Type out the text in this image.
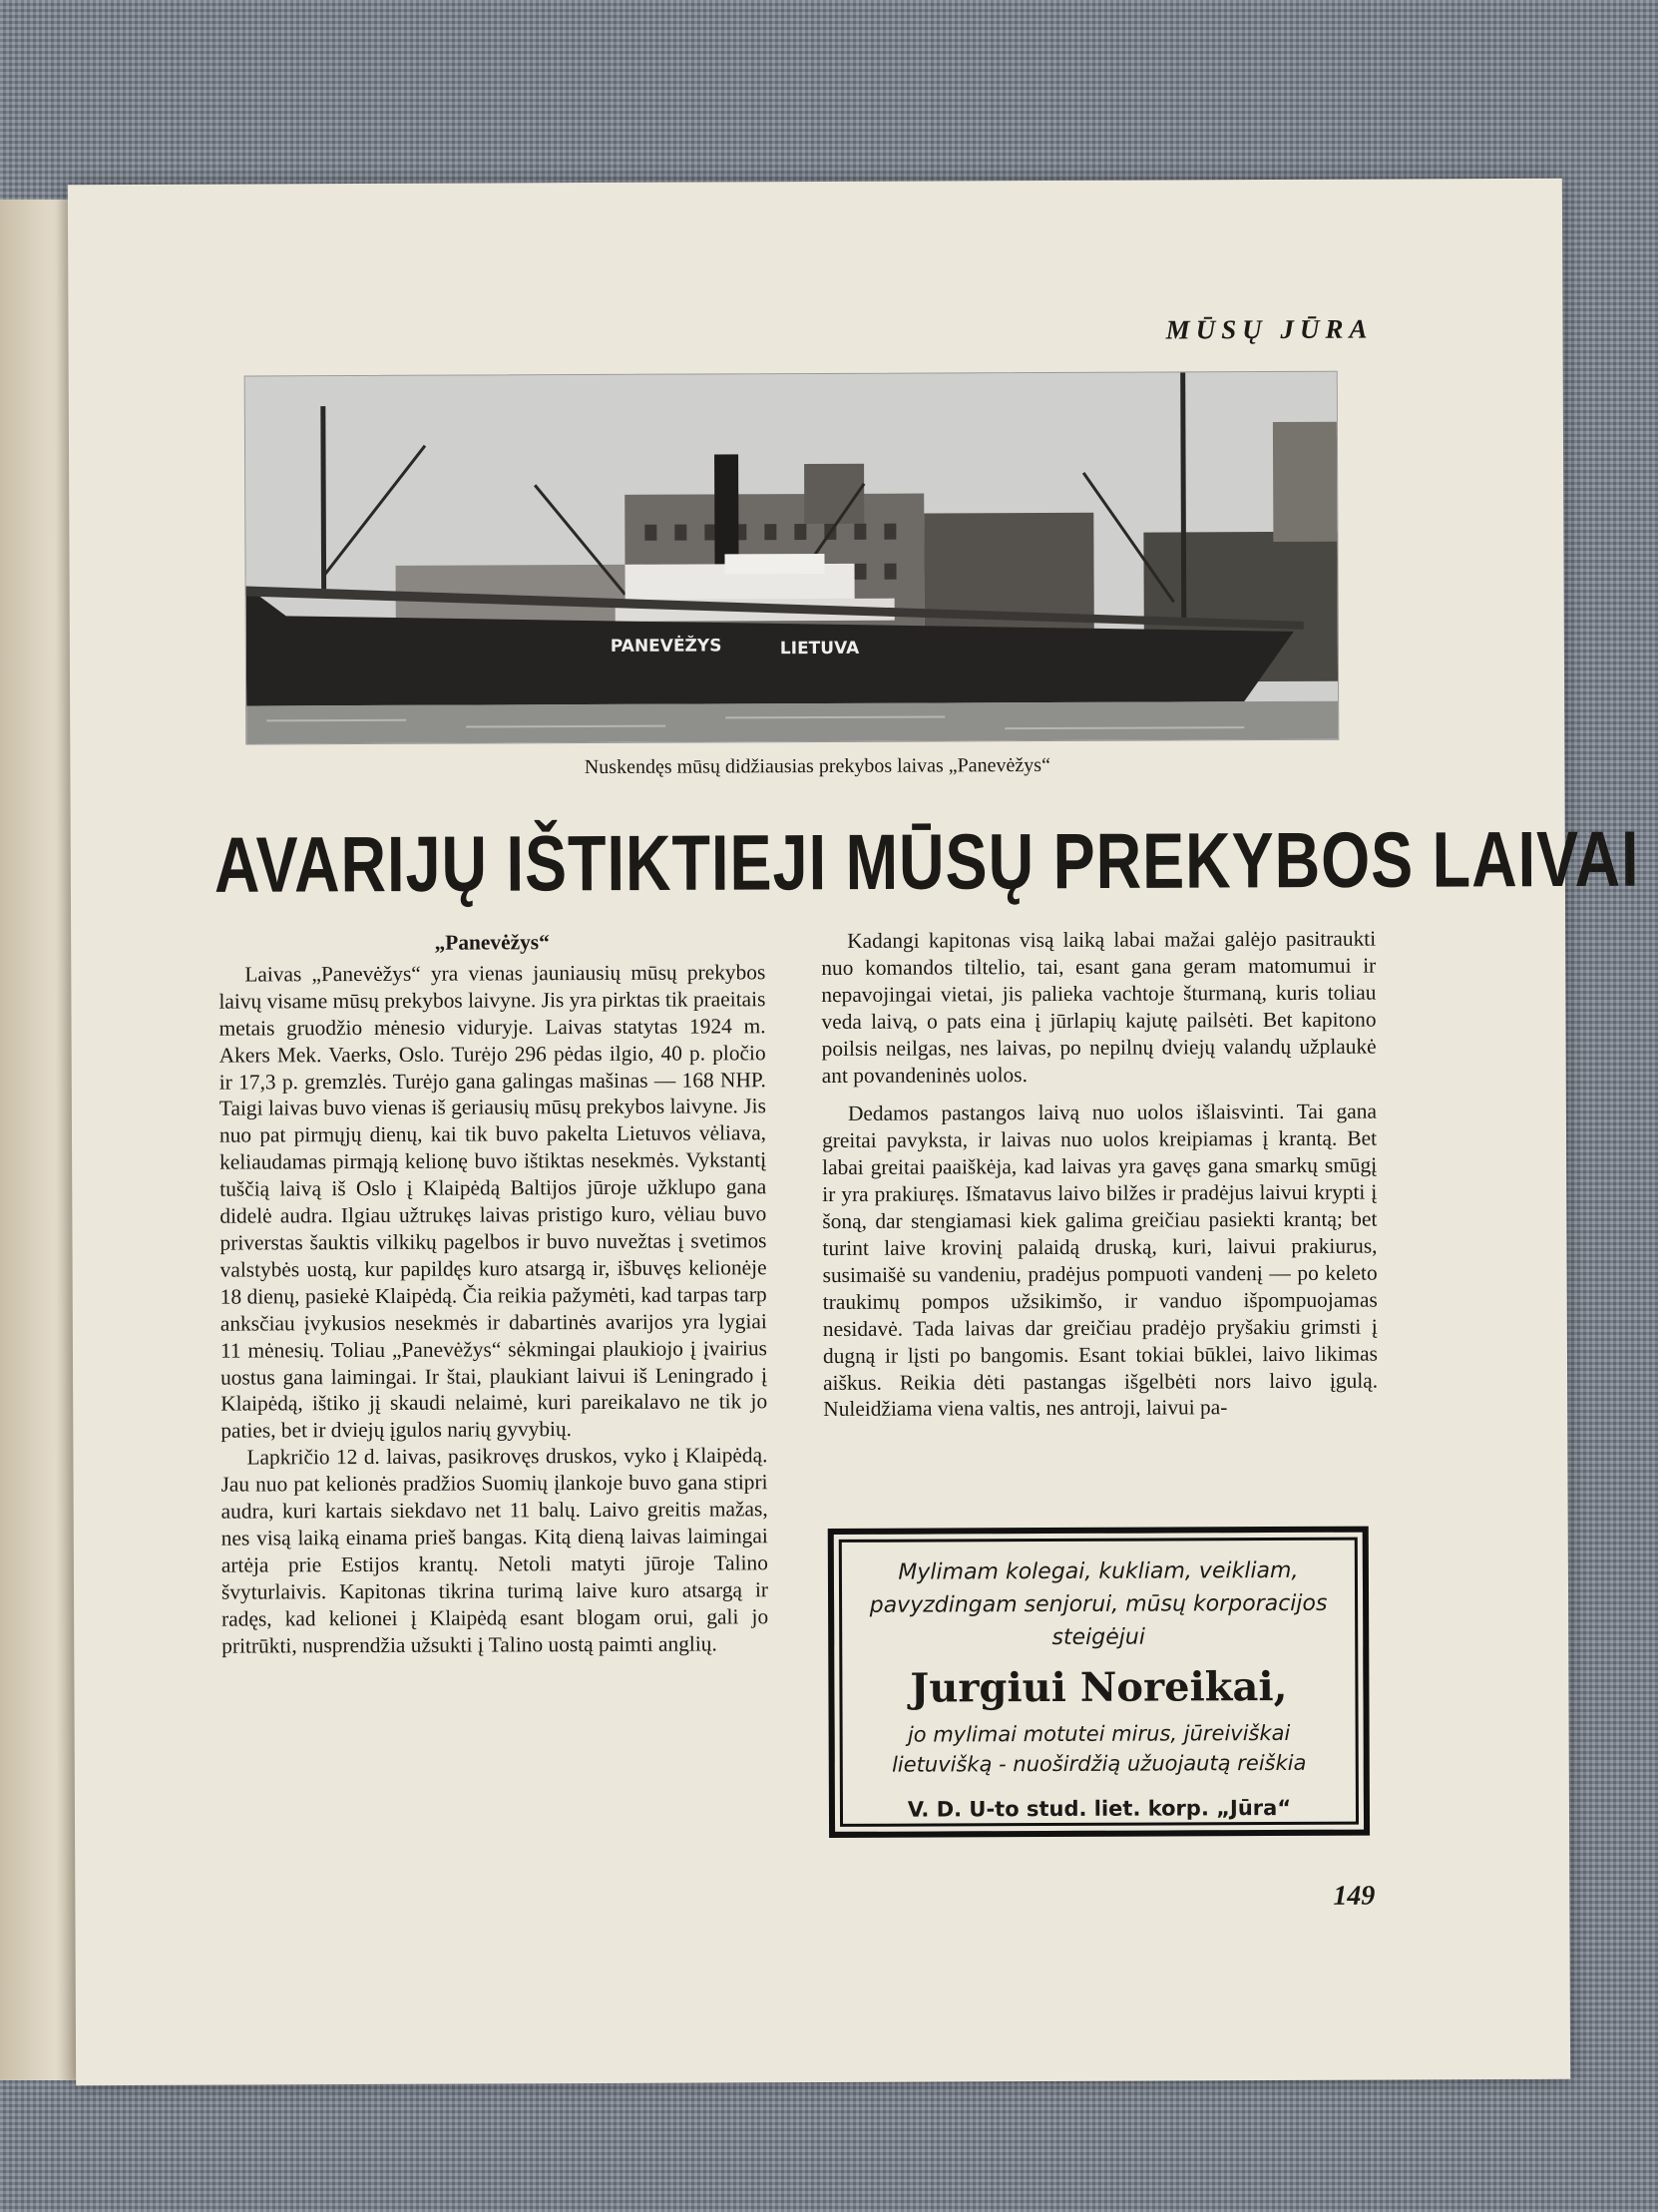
MŪSŲ JŪRA
PANEVĖŽYS	LIETUVA
Nuskendęs mūsų didžiausias prekybos laivas „Panevėžys“
AVARIJŲ IŠTIKTIEJI MŪSŲ PREKYBOS LAIVAI

„Panevėžys“

Laivas „Panevėžys“ yra vienas jauniausių mūsų prekybos laivų visame mūsų prekybos laivyne. Jis yra pirktas tik praeitais metais gruodžio mėnesio viduryje. Laivas statytas 1924 m. Akers Mek. Vaerks, Oslo. Turėjo 296 pėdas ilgio, 40 p. pločio ir 17,3 p. gremzlės. Turėjo gana galingas mašinas — 168 NHP. Taigi laivas buvo vienas iš geriausių mūsų prekybos laivyne. Jis nuo pat pirmųjų dienų, kai tik buvo pakelta Lietuvos vėliava, keliaudamas pirmąją kelionę buvo ištiktas nesekmės. Vykstantį tuščią laivą iš Oslo į Klaipėdą Baltijos jūroje užklupo gana didelė audra. Ilgiau užtrukęs laivas pristigo kuro, vėliau buvo priverstas šauktis vilkikų pagelbos ir buvo nuvežtas į svetimos valstybės uostą, kur papildęs kuro atsargą ir, išbuvęs kelionėje 18 dienų, pasiekė Klaipėdą. Čia reikia pažymėti, kad tarpas tarp anksčiau įvykusios nesekmės ir dabartinės avarijos yra lygiai 11 mėnesių. Toliau „Panevėžys“ sėkmingai plaukiojo į įvairius uostus gana laimingai. Ir štai, plaukiant laivui iš Leningrado į Klaipėdą, ištiko jį skaudi nelaimė, kuri pareikalavo ne tik jo paties, bet ir dviejų įgulos narių gyvybių.

Lapkričio 12 d. laivas, pasikrovęs druskos, vyko į Klaipėdą. Jau nuo pat kelionės pradžios Suomių įlankoje buvo gana stipri audra, kuri kartais siekdavo net 11 balų. Laivo greitis mažas, nes visą laiką einama prieš bangas. Kitą dieną laivas laimingai artėja prie Estijos krantų. Netoli matyti jūroje Talino švyturlaivis. Kapitonas tikrina turimą laive kuro atsargą ir radęs, kad kelionei į Klaipėdą esant blogam orui, gali jo pritrūkti, nusprendžia užsukti į Talino uostą paimti anglių.

Kadangi kapitonas visą laiką labai mažai galėjo pasitraukti nuo komandos tiltelio, tai, esant gana geram matomumui ir nepavojingai vietai, jis palieka vachtoje šturmaną, kuris toliau veda laivą, o pats eina į jūrlapių kajutę pailsėti. Bet kapitono poilsis neilgas, nes laivas, po nepilnų dviejų valandų užplaukė ant povandeninės uolos.

Dedamos pastangos laivą nuo uolos išlaisvinti. Tai gana greitai pavyksta, ir laivas nuo uolos kreipiamas į krantą. Bet labai greitai paaiškėja, kad laivas yra gavęs gana smarkų smūgį ir yra prakiuręs. Išmatavus laivo bilžes ir pradėjus laivui krypti į šoną, dar stengiamasi kiek galima greičiau pasiekti krantą; bet turint laive krovinį palaidą druską, kuri, laivui prakiurus, susimaišė su vandeniu, pradėjus pompuoti vandenį — po keleto traukimų pompos užsikimšo, ir vanduo išpompuojamas nesidavė. Tada laivas dar greičiau pradėjo pryšakiu grimsti į dugną ir lįsti po bangomis. Esant tokiai būklei, laivo likimas aiškus. Reikia dėti pastangas išgelbėti nors laivo įgulą. Nuleidžiama viena valtis, nes antroji, laivui pa-

Mylimam kolegai, kukliam, veikliam, pavyzdingam senjorui, mūsų korporacijos steigėjui
Jurgiui Noreikai,
jo mylimai motutei mirus, jūreiviškai lietuvišką - nuoširdžią užuojautą reiškia
V. D. U-to stud. liet. korp. „Jūra“
149
